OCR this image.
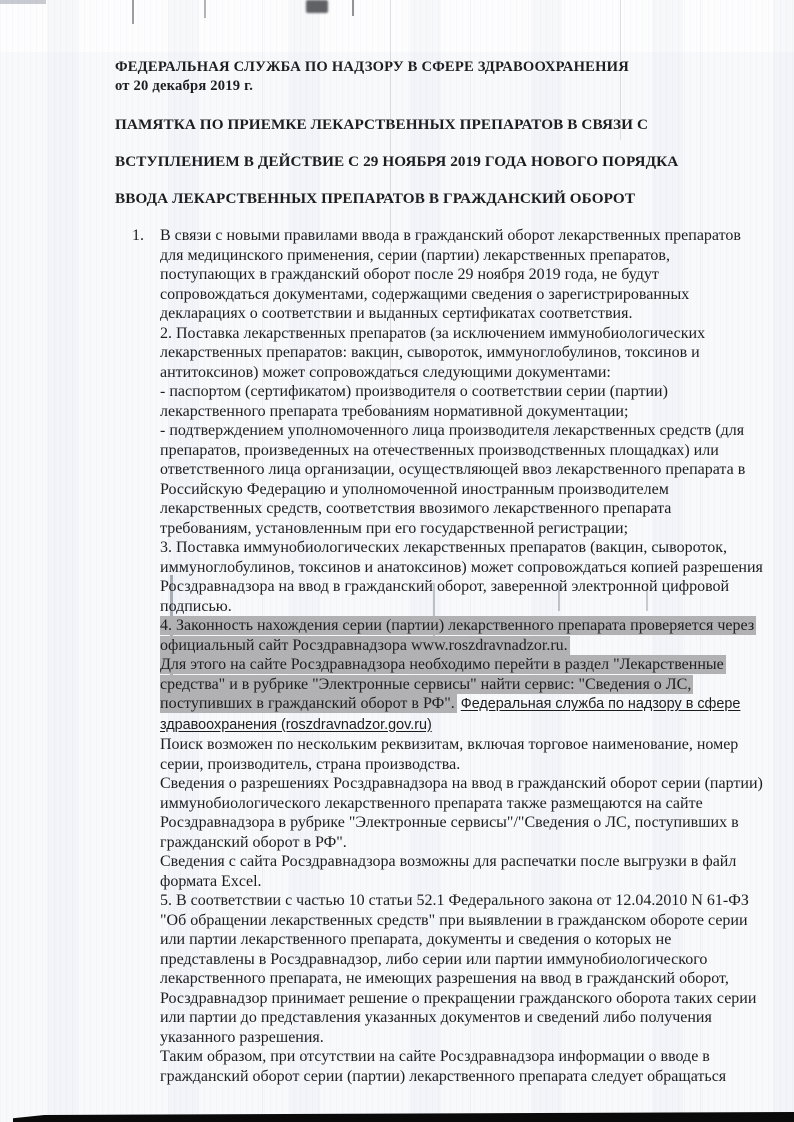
ФЕДЕРАЛЬНАЯ СЛУЖБА ПО НАДЗОРУ В СФЕРЕ ЗДРАВООХРАНЕНИЯ
от 20 декабря 2019 г.
ПАМЯТКА ПО ПРИЕМКЕ ЛЕКАРСТВЕННЫХ ПРЕПАРАТОВ В СВЯЗИ С
ВСТУПЛЕНИЕМ В ДЕЙСТВИЕ С 29 НОЯБРЯ 2019 ГОДА НОВОГО ПОРЯДКА
ВВОДА ЛЕКАРСТВЕННЫХ ПРЕПАРАТОВ В ГРАЖДАНСКИЙ ОБОРОТ

1. В связи с новыми правилами ввода в гражданский оборот лекарственных препаратов для медицинского применения, серии (партии) лекарственных препаратов, поступающих в гражданский оборот после 29 ноября 2019 года, не будут сопровождаться документами, содержащими сведения о зарегистрированных декларациях о соответствии и выданных сертификатах соответствия.

2. Поставка лекарственных препаратов (за исключением иммунобиологических лекарственных препаратов: вакцин, сывороток, иммуноглобулинов, токсинов и антитоксинов) может сопровождаться следующими документами:

- паспортом (сертификатом) производителя о соответствии серии (партии) лекарственного препарата требованиям нормативной документации;

- подтверждением уполномоченного лица производителя лекарственных средств (для препаратов, произведенных на отечественных производственных площадках) или ответственного лица организации, осуществляющей ввоз лекарственного препарата в Российскую Федерацию и уполномоченной иностранным производителем лекарственных средств, соответствия ввозимого лекарственного препарата требованиям, установленным при его государственной регистрации;

3. Поставка иммунобиологических лекарственных препаратов (вакцин, сывороток, иммуноглобулинов, токсинов и анатоксинов) может сопровождаться копией разрешения Росздравнадзора на ввод в гражданский оборот, заверенной электронной цифровой подписью.

4. Законность нахождения серии (партии) лекарственного препарата проверяется через официальный сайт Росздравнадзора www.roszdravnadzor.ru.

Для этого на сайте Росздравнадзора необходимо перейти в раздел "Лекарственные средства" и в рубрике "Электронные сервисы" найти сервис: "Сведения о ЛС, поступивших в гражданский оборот в РФ". Федеральная служба по надзору в сфере здравоохранения (roszdravnadzor.gov.ru)

Поиск возможен по нескольким реквизитам, включая торговое наименование, номер серии, производитель, страна производства.

Сведения о разрешениях Росздравнадзора на ввод в гражданский оборот серии (партии) иммунобиологического лекарственного препарата также размещаются на сайте Росздравнадзора в рубрике "Электронные сервисы"/"Сведения о ЛС, поступивших в гражданский оборот в РФ".

Сведения с сайта Росздравнадзора возможны для распечатки после выгрузки в файл формата Excel.

5. В соответствии с частью 10 статьи 52.1 Федерального закона от 12.04.2010 N 61-ФЗ "Об обращении лекарственных средств" при выявлении в гражданском обороте серии или партии лекарственного препарата, документы и сведения о которых не представлены в Росздравнадзор, либо серии или партии иммунобиологического лекарственного препарата, не имеющих разрешения на ввод в гражданский оборот, Росздравнадзор принимает решение о прекращении гражданского оборота таких серии или партии до представления указанных документов и сведений либо получения указанного разрешения.

Таким образом, при отсутствии на сайте Росздравнадзора информации о вводе в гражданский оборот серии (партии) лекарственного препарата следует обращаться
